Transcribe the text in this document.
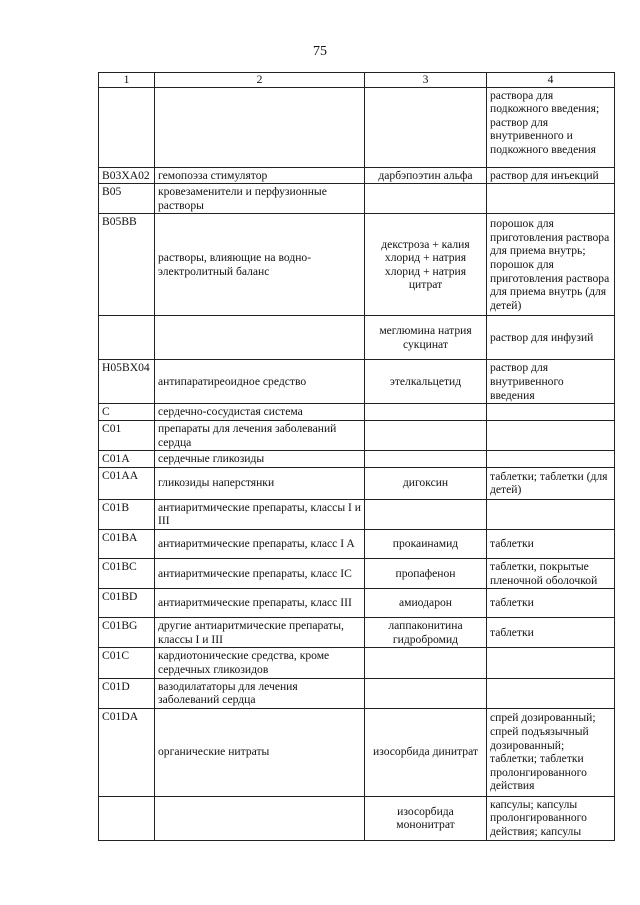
75
1	2	3	4
			раствора для подкожного введения; раствор для внутривенного и подкожного введения
B03XA02	гемопоэза стимулятор	дарбэпоэтин альфа	раствор для инъекций
B05	кровезаменители и перфузионные растворы		
B05BB	растворы, влияющие на водно-электролитный баланс	декстроза + калия хлорид + натрия хлорид + натрия цитрат	порошок для приготовления раствора для приема внутрь; порошок для приготовления раствора для приема внутрь (для детей)
		меглюмина натрия сукцинат	раствор для инфузий
H05BX04	антипаратиреоидное средство	этелкальцетид	раствор для внутривенного введения
C	сердечно-сосудистая система		
C01	препараты для лечения заболеваний сердца		
C01A	сердечные гликозиды		
C01AA	гликозиды наперстянки	дигоксин	таблетки; таблетки (для детей)
C01B	антиаритмические препараты, классы I и III		
C01BA	антиаритмические препараты, класс I A	прокаинамид	таблетки
C01BC	антиаритмические препараты, класс IC	пропафенон	таблетки, покрытые пленочной оболочкой
C01BD	антиаритмические препараты, класс III	амиодарон	таблетки
C01BG	другие антиаритмические препараты, классы I и III	лаппаконитина гидробромид	таблетки
C01C	кардиотонические средства, кроме сердечных гликозидов		
C01D	вазодилататоры для лечения заболеваний сердца		
C01DA	органические нитраты	изосорбида динитрат	спрей дозированный; спрей подъязычный дозированный; таблетки; таблетки пролонгированного действия
		изосорбида мононитрат	капсулы; капсулы пролонгированного действия; капсулы
